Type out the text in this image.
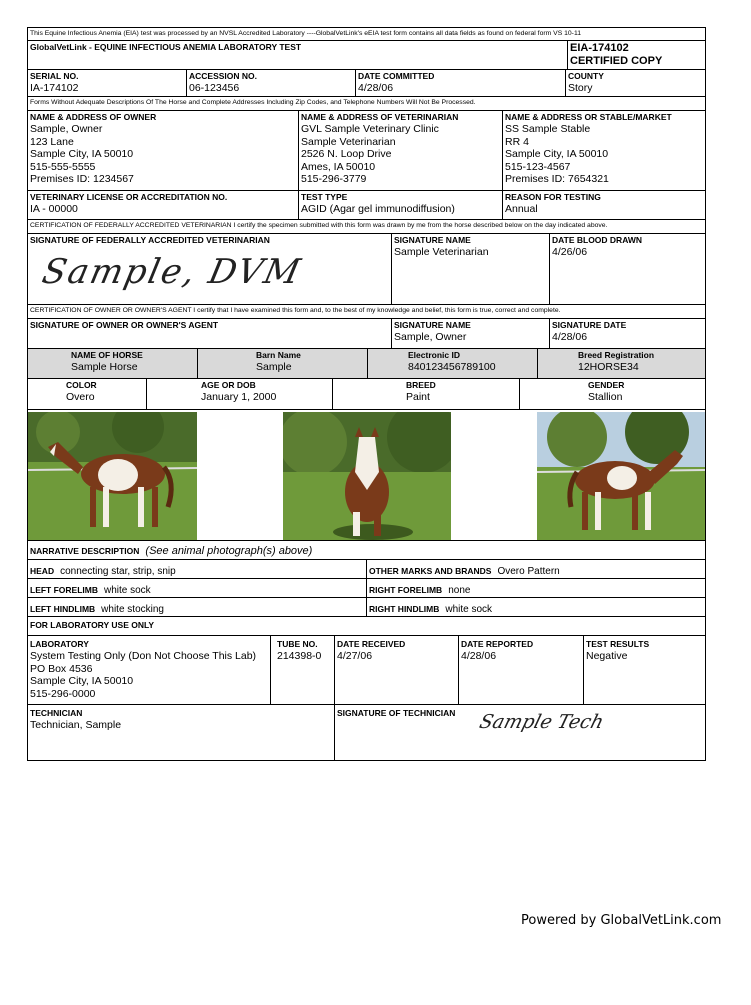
This Equine Infectious Anemia (EIA) test was processed by an NVSL Accredited Laboratory ----GlobalVetLink's eEIA test form contains all data fields as found on federal form VS 10-11
GlobalVetLink - EQUINE INFECTIOUS ANEMIA LABORATORY TEST	EIA-174102
CERTIFIED COPY
SERIAL NO.
IA-174102
ACCESSION NO.
06-123456
DATE COMMITTED
4/28/06
COUNTY
Story
Forms Without Adequate Descriptions Of The Horse and Complete Addresses Including Zip Codes, and Telephone Numbers Will Not Be Processed.
NAME & ADDRESS OF OWNER
Sample, Owner
123 Lane
Sample City, IA 50010
515-555-5555
Premises ID: 1234567
NAME & ADDRESS OF VETERINARIAN
GVL Sample Veterinary Clinic
Sample Veterinarian
2526 N. Loop Drive
Ames, IA 50010
515-296-3779
NAME & ADDRESS OR STABLE/MARKET
SS Sample Stable
RR 4
Sample City, IA 50010
515-123-4567
Premises ID: 7654321
VETERINARY LICENSE OR ACCREDITATION NO.
IA - 00000
TEST TYPE
AGID (Agar gel immunodiffusion)
REASON FOR TESTING
Annual
CERTIFICATION OF FEDERALLY ACCREDITED VETERINARIAN I certify the specimen submitted with this form was drawn by me from the horse described below on the day indicated above.
SIGNATURE OF FEDERALLY ACCREDITED VETERINARIAN
Sample, DVM
SIGNATURE NAME
Sample Veterinarian
DATE BLOOD DRAWN
4/26/06
CERTIFICATION OF OWNER OR OWNER'S AGENT I certify that I have examined this form and, to the best of my knowledge and belief, this form is true, correct and complete.
SIGNATURE OF OWNER OR OWNER'S AGENT	SIGNATURE NAME
Sample, Owner
SIGNATURE DATE
4/28/06
NAME OF HORSE
Sample Horse
Barn Name
Sample
Electronic ID
840123456789100
Breed Registration
12HORSE34
COLOR
Overo
AGE OR DOB
January 1, 2000
BREED
Paint
GENDER
Stallion
NARRATIVE DESCRIPTION (See animal photograph(s) above)
HEAD connecting star, strip, snip	OTHER MARKS AND BRANDS Overo Pattern
LEFT FORELIMB white sock	RIGHT FORELIMB none
LEFT HINDLIMB white stocking	RIGHT HINDLIMB white sock
FOR LABORATORY USE ONLY
LABORATORY
System Testing Only (Don Not Choose This Lab)
PO Box 4536
Sample City, IA 50010
515-296-0000
TUBE NO.
214398-0
DATE RECEIVED
4/27/06
DATE REPORTED
4/28/06
TEST RESULTS
Negative
TECHNICIAN
Technician, Sample
SIGNATURE OF TECHNICIAN	Sample Tech
Powered by GlobalVetLink.com
